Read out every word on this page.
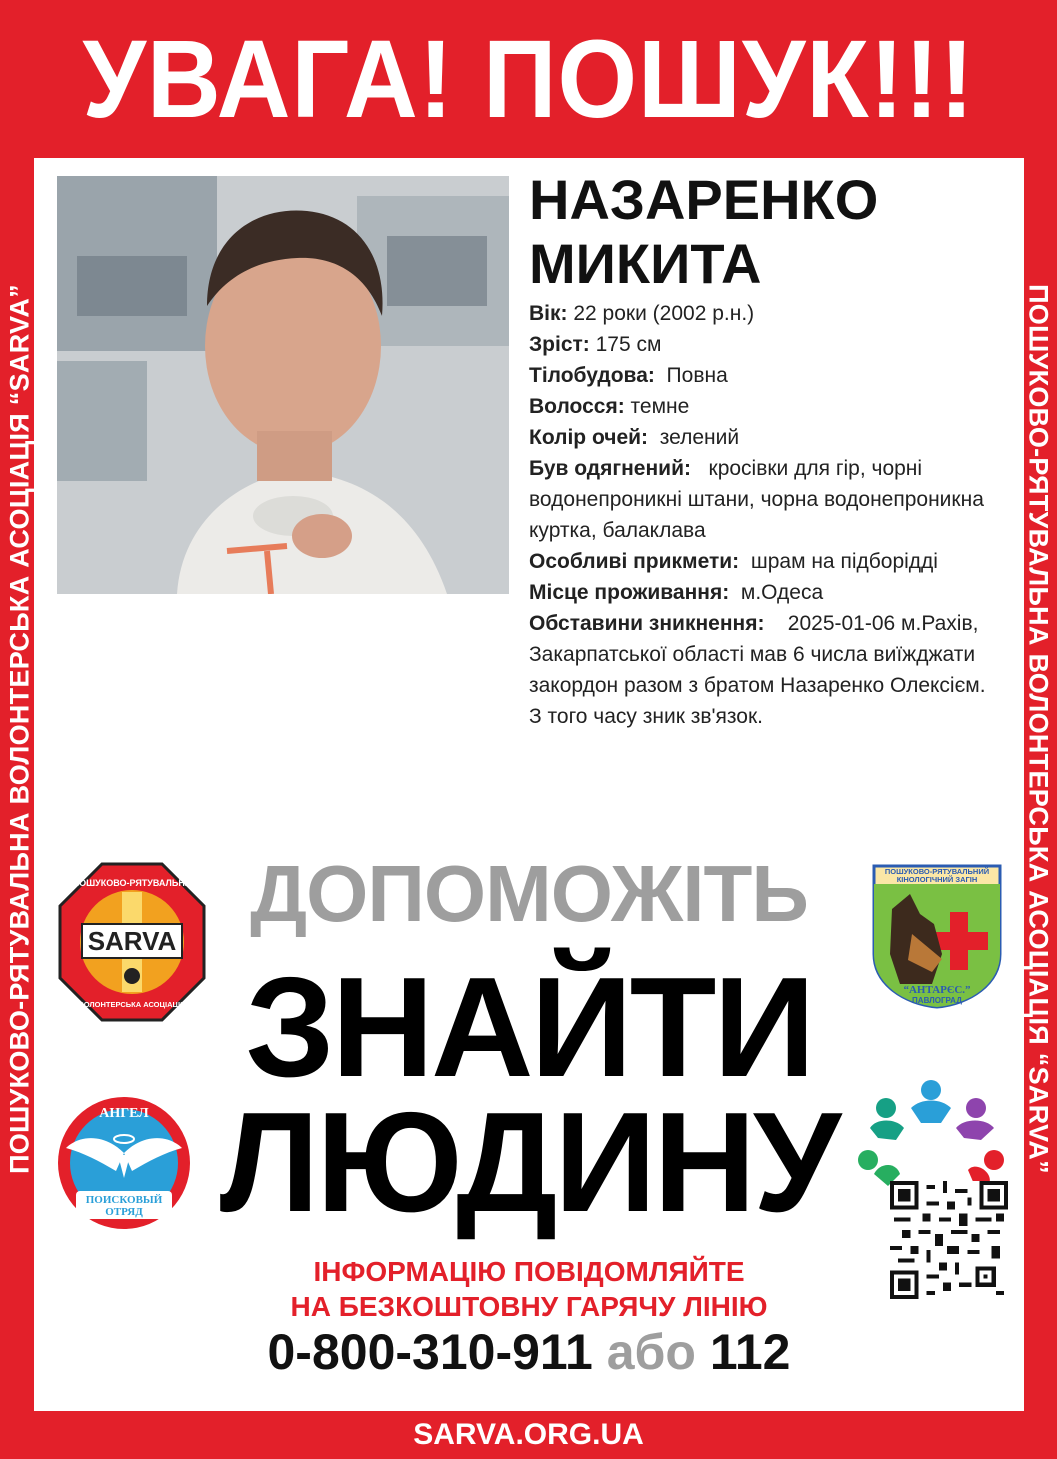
УВАГА! ПОШУК!!!
ПОШУКОВО-РЯТУВАЛЬНА ВОЛОНТЕРСЬКА АСОЦІАЦІЯ “SARVA”	ПОШУКОВО-РЯТУВАЛЬНА ВОЛОНТЕРСЬКА АСОЦІАЦІЯ “SARVA”
НАЗАРЕНКО
МИКИТА
Вік: 22 роки (2002 р.н.)
Зріст: 175 см
Тілобудова: Повна
Волосся: темне
Колір очей: зелений
Був одягнений: кросівки для гір, чорні водонепроникні штани, чорна водонепроникна куртка, балаклава
Особливі прикмети: шрам на підборідді
Місце проживання: м.Одеса
Обставини зникнення: 2025-01-06 м.Рахів, Закарпатської області мав 6 числа виїжджати закордон разом з братом Назаренко Олексієм. З того часу зник зв'язок.
ДОПОМОЖІТЬ
ЗНАЙТИ
ЛЮДИНУ
ІНФОРМАЦІЮ ПОВІДОМЛЯЙТЕ
НА БЕЗКОШТОВНУ ГАРЯЧУ ЛІНІЮ
0-800-310-911 або 112
SARVA
ПОШУКОВО-РЯТУВАЛЬНА
ВОЛОНТЕРСЬКА АСОЦІАЦІЯ
ПОШУКОВО-РЯТУВАЛЬНИЙ
КІНОЛОГІЧНИЙ ЗАГІН
“АНТАРЄС.”
ПАВЛОГРАД
АНГЕЛ
ПОИСКОВЫЙ
ОТРЯД
SARVA.ORG.UA
